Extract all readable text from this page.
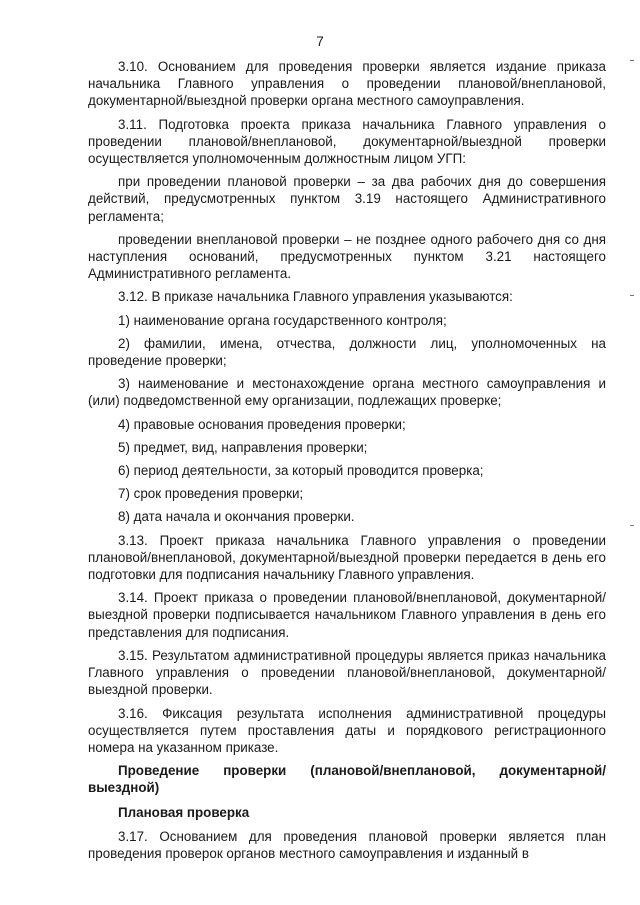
7

3.10. Основанием для проведения проверки является издание приказа начальника Главного управления о проведении плановой/внеплановой, документарной/выездной проверки органа местного самоуправления.

3.11. Подготовка проекта приказа начальника Главного управления о проведении плановой/внеплановой, документарной/выездной проверки осуществляется уполномоченным должностным лицом УГП:

при проведении плановой проверки – за два рабочих дня до совершения действий, предусмотренных пунктом 3.19 настоящего Административного регламента;

проведении внеплановой проверки – не позднее одного рабочего дня со дня наступления оснований, предусмотренных пунктом 3.21 настоящего Административного регламента.

3.12. В приказе начальника Главного управления указываются:

1) наименование органа государственного контроля;

2) фамилии, имена, отчества, должности лиц, уполномоченных на проведение проверки;

3) наименование и местонахождение органа местного самоуправления и (или) подведомственной ему организации, подлежащих проверке;

4) правовые основания проведения проверки;

5) предмет, вид, направления проверки;

6) период деятельности, за который проводится проверка;

7) срок проведения проверки;

8) дата начала и окончания проверки.

3.13. Проект приказа начальника Главного управления о проведении плановой/внеплановой, документарной/выездной проверки передается в день его подготовки для подписания начальнику Главного управления.

3.14. Проект приказа о проведении плановой/внеплановой, документарной/выездной проверки подписывается начальником Главного управления в день его представления для подписания.

3.15. Результатом административной процедуры является приказ начальника Главного управления о проведении плановой/внеплановой, документарной/выездной проверки.

3.16. Фиксация результата исполнения административной процедуры осуществляется путем проставления даты и порядкового регистрационного номера на указанном приказе.

Проведение проверки (плановой/внеплановой, документарной/выездной)

Плановая проверка

3.17. Основанием для проведения плановой проверки является план проведения проверок органов местного самоуправления и изданный в
